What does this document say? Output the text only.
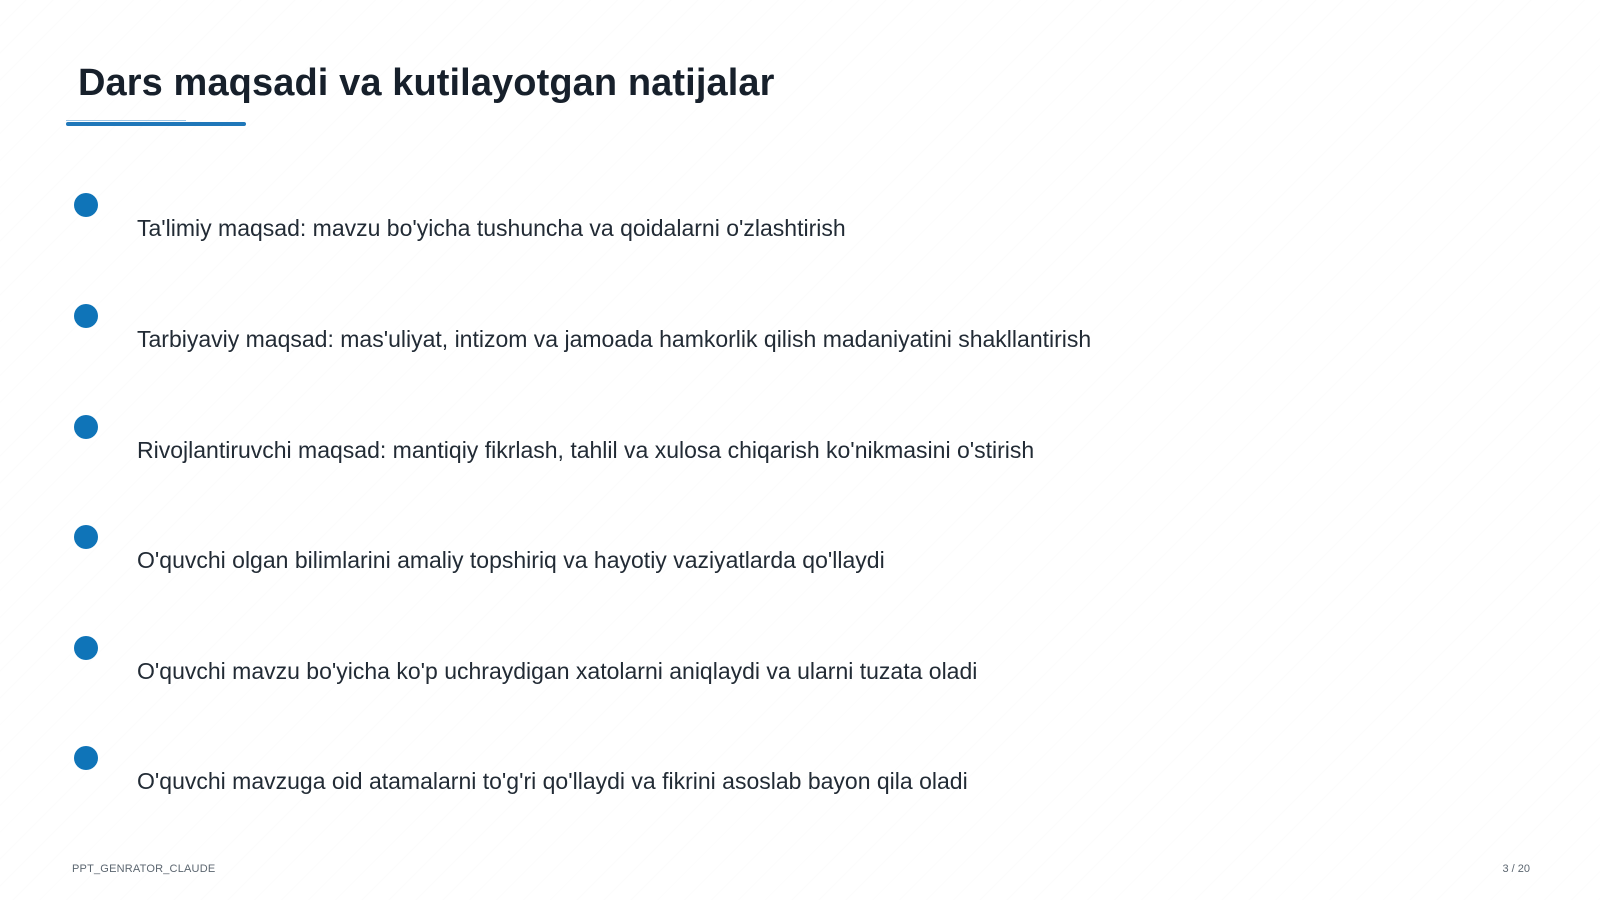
Dars maqsadi va kutilayotgan natijalar
Ta'limiy maqsad: mavzu bo'yicha tushuncha va qoidalarni o'zlashtirish
Tarbiyaviy maqsad: mas'uliyat, intizom va jamoada hamkorlik qilish madaniyatini shakllantirish
Rivojlantiruvchi maqsad: mantiqiy fikrlash, tahlil va xulosa chiqarish ko'nikmasini o'stirish
O'quvchi olgan bilimlarini amaliy topshiriq va hayotiy vaziyatlarda qo'llaydi
O'quvchi mavzu bo'yicha ko'p uchraydigan xatolarni aniqlaydi va ularni tuzata oladi
O'quvchi mavzuga oid atamalarni to'g'ri qo'llaydi va fikrini asoslab bayon qila oladi
PPT_GENRATOR_CLAUDE	3 / 20
